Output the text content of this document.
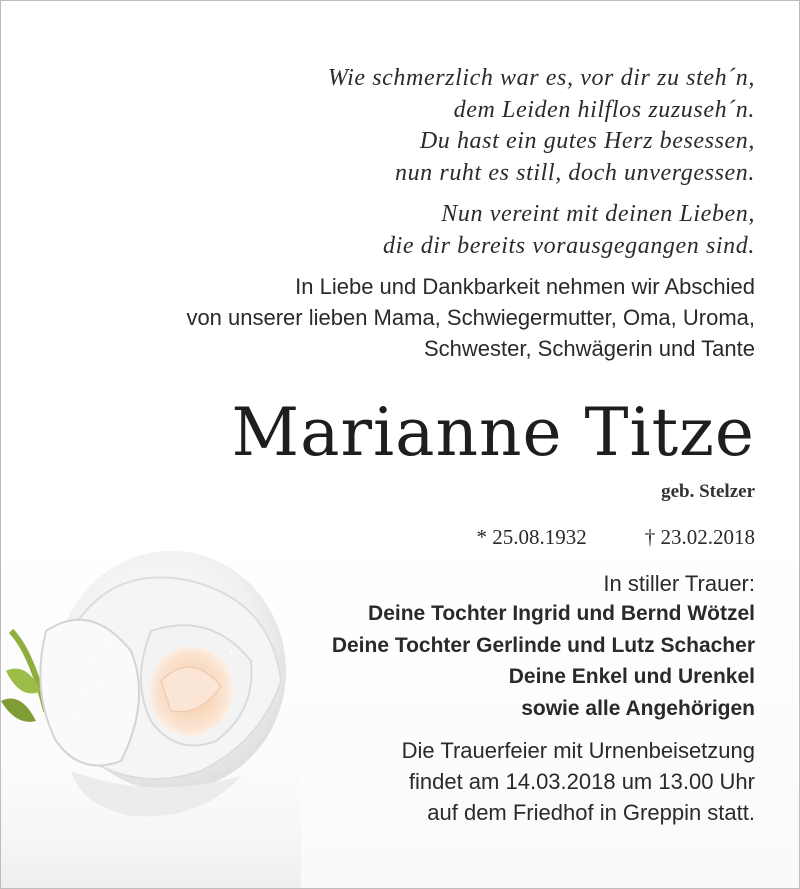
Wie schmerzlich war es, vor dir zu steh´n,
dem Leiden hilflos zuzuseh´n.
Du hast ein gutes Herz besessen,
nun ruht es still, doch unvergessen.
Nun vereint mit deinen Lieben,
die dir bereits vorausgegangen sind.
In Liebe und Dankbarkeit nehmen wir Abschied
von unserer lieben Mama, Schwiegermutter, Oma, Uroma,
Schwester, Schwägerin und Tante
Marianne Titze
geb. Stelzer
* 25.08.1932	† 23.02.2018
In stiller Trauer:
Deine Tochter Ingrid und Bernd Wötzel
Deine Tochter Gerlinde und Lutz Schacher
Deine Enkel und Urenkel
sowie alle Angehörigen
Die Trauerfeier mit Urnenbeisetzung
findet am 14.03.2018 um 13.00 Uhr
auf dem Friedhof in Greppin statt.
